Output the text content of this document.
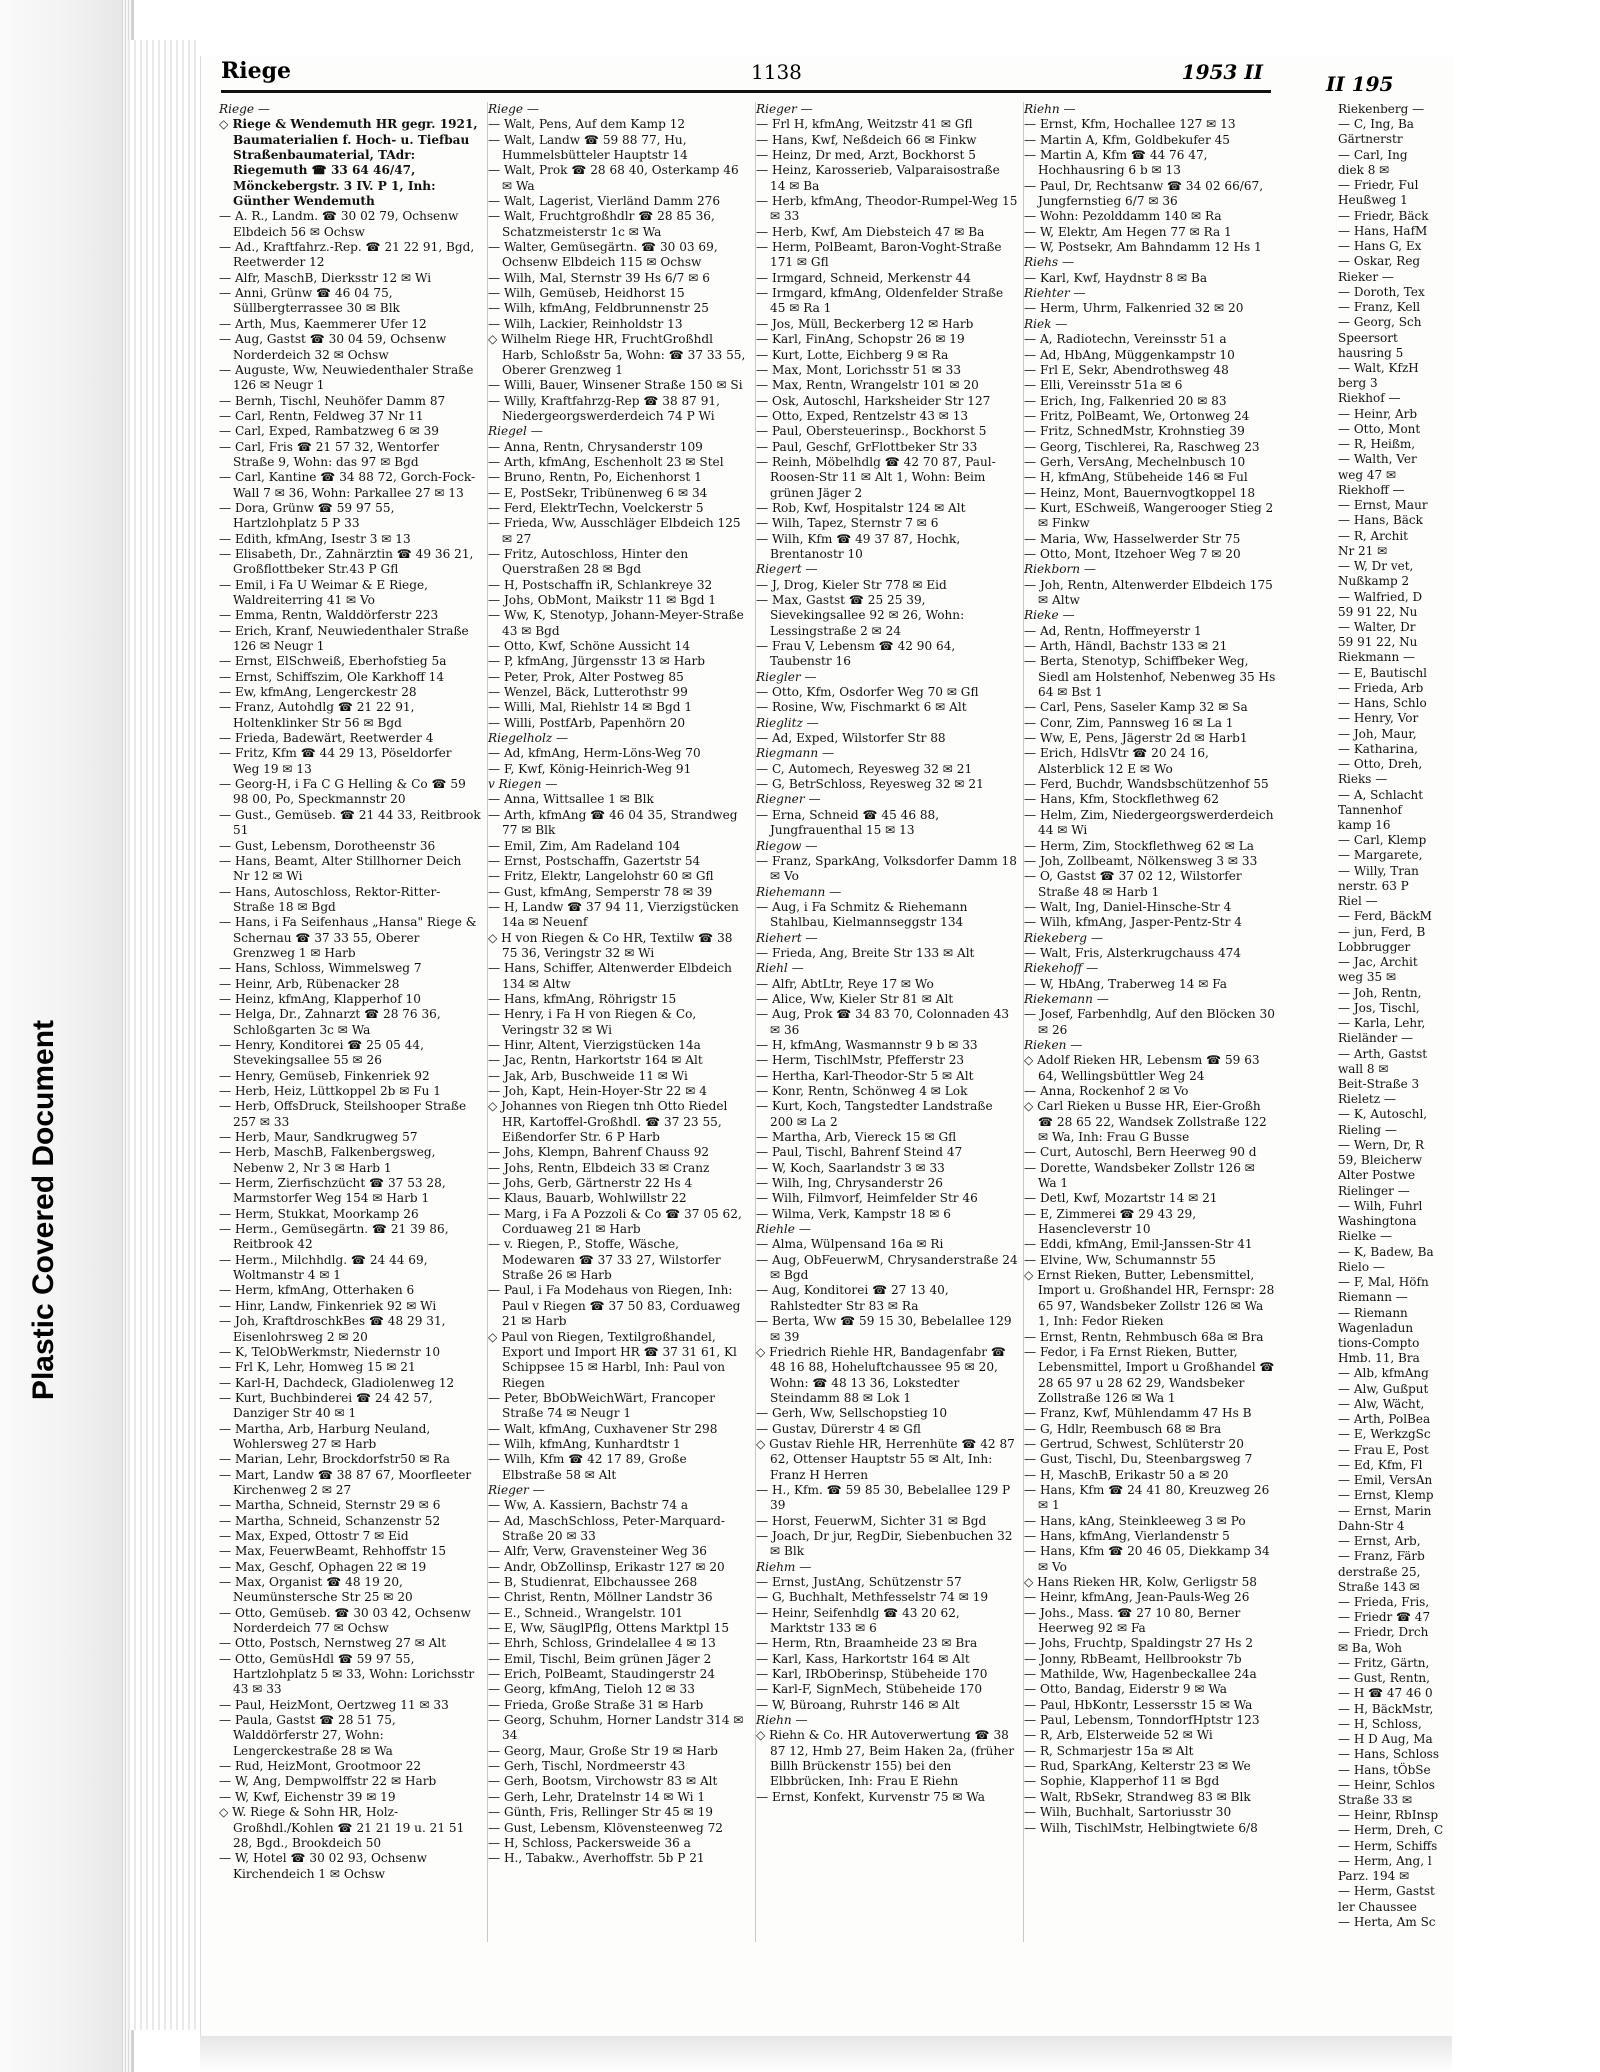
Plastic Covered Document
Riege	1138	1953 II
Riege —
◇ Riege & Wendemuth HR gegr. 1921, Baumaterialien f. Hoch- u. Tiefbau Straßenbaumaterial, TAdr: Riegemuth ☎ 33 64 46/47, Mönckebergstr. 3 IV. P 1, Inh: Günther Wendemuth
— A. R., Landm. ☎ 30 02 79, Ochsenw Elbdeich 56 ✉ Ochsw
— Ad., Kraftfahrz.-Rep. ☎ 21 22 91, Bgd, Reetwerder 12
— Alfr, MaschB, Dierksstr 12 ✉ Wi
— Anni, Grünw ☎ 46 04 75, Süllbergterrassee 30 ✉ Blk
— Arth, Mus, Kaemmerer Ufer 12
— Aug, Gastst ☎ 30 04 59, Ochsenw Norderdeich 32 ✉ Ochsw
— Auguste, Ww, Neuwiedenthaler Straße 126 ✉ Neugr 1
— Bernh, Tischl, Neuhöfer Damm 87
— Carl, Rentn, Feldweg 37 Nr 11
— Carl, Exped, Rambatzweg 6 ✉ 39
— Carl, Fris ☎ 21 57 32, Wentorfer Straße 9, Wohn: das 97 ✉ Bgd
— Carl, Kantine ☎ 34 88 72, Gorch-Fock-Wall 7 ✉ 36, Wohn: Parkallee 27 ✉ 13
— Dora, Grünw ☎ 59 97 55, Hartzlohplatz 5 P 33
— Edith, kfmAng, Isestr 3 ✉ 13
— Elisabeth, Dr., Zahnärztin ☎ 49 36 21, Großflottbeker Str.43 P Gfl
— Emil, i Fa U Weimar & E Riege, Waldreiterring 41 ✉ Vo
— Emma, Rentn, Walddörferstr 223
— Erich, Kranf, Neuwiedenthaler Straße 126 ✉ Neugr 1
— Ernst, ElSchweiß, Eberhofstieg 5a
— Ernst, Schiffszim, Ole Karkhoff 14
— Ew, kfmAng, Lengerckestr 28
— Franz, Autohdlg ☎ 21 22 91, Holtenklinker Str 56 ✉ Bgd
— Frieda, Badewärt, Reetwerder 4
— Fritz, Kfm ☎ 44 29 13, Pöseldorfer Weg 19 ✉ 13
— Georg-H, i Fa C G Helling & Co ☎ 59 98 00, Po, Speckmannstr 20
— Gust., Gemüseb. ☎ 21 44 33, Reitbrook 51
— Gust, Lebensm, Dorotheenstr 36
— Hans, Beamt, Alter Stillhorner Deich Nr 12 ✉ Wi
— Hans, Autoschloss, Rektor-Ritter-Straße 18 ✉ Bgd
— Hans, i Fa Seifenhaus „Hansa" Riege & Schernau ☎ 37 33 55, Oberer Grenzweg 1 ✉ Harb
— Hans, Schloss, Wimmelsweg 7
— Heinr, Arb, Rübenacker 28
— Heinz, kfmAng, Klapperhof 10
— Helga, Dr., Zahnarzt ☎ 28 76 36, Schloßgarten 3c ✉ Wa
— Henry, Konditorei ☎ 25 05 44, Stevekingsallee 55 ✉ 26
— Henry, Gemüseb, Finkenriek 92
— Herb, Heiz, Lüttkoppel 2b ✉ Fu 1
— Herb, OffsDruck, Steilshooper Straße 257 ✉ 33
— Herb, Maur, Sandkrugweg 57
— Herb, MaschB, Falkenbergsweg, Nebenw 2, Nr 3 ✉ Harb 1
— Herm, Zierfischzücht ☎ 37 53 28, Marmstorfer Weg 154 ✉ Harb 1
— Herm, Stukkat, Moorkamp 26
— Herm., Gemüsegärtn. ☎ 21 39 86, Reitbrook 42
— Herm., Milchhdlg. ☎ 24 44 69, Woltmanstr 4 ✉ 1
— Herm, kfmAng, Otterhaken 6
— Hinr, Landw, Finkenriek 92 ✉ Wi
— Joh, KraftdroschkBes ☎ 48 29 31, Eisenlohrsweg 2 ✉ 20
— K, TelObWerkmstr, Niedernstr 10
— Frl K, Lehr, Homweg 15 ✉ 21
— Karl-H, Dachdeck, Gladiolenweg 12
— Kurt, Buchbinderei ☎ 24 42 57, Danziger Str 40 ✉ 1
— Martha, Arb, Harburg Neuland, Wohlersweg 27 ✉ Harb
— Marian, Lehr, Brockdorfstr50 ✉ Ra
— Mart, Landw ☎ 38 87 67, Moorfleeter Kirchenweg 2 ✉ 27
— Martha, Schneid, Sternstr 29 ✉ 6
— Martha, Schneid, Schanzenstr 52
— Max, Exped, Ottostr 7 ✉ Eid
— Max, FeuerwBeamt, Rehhoffstr 15
— Max, Geschf, Ophagen 22 ✉ 19
— Max, Organist ☎ 48 19 20, Neumünstersche Str 25 ✉ 20
— Otto, Gemüseb. ☎ 30 03 42, Ochsenw Norderdeich 77 ✉ Ochsw
— Otto, Postsch, Nernstweg 27 ✉ Alt
— Otto, GemüsHdl ☎ 59 97 55, Hartzlohplatz 5 ✉ 33, Wohn: Lorichsstr 43 ✉ 33
— Paul, HeizMont, Oertzweg 11 ✉ 33
— Paula, Gastst ☎ 28 51 75, Walddörferstr 27, Wohn: Lengerckestraße 28 ✉ Wa
— Rud, HeizMont, Grootmoor 22
— W, Ang, Dempwolffstr 22 ✉ Harb
— W, Kwf, Eichenstr 39 ✉ 19
◇ W. Riege & Sohn HR, Holz-Großhdl./Kohlen ☎ 21 21 19 u. 21 51 28, Bgd., Brookdeich 50
— W, Hotel ☎ 30 02 93, Ochsenw Kirchendeich 1 ✉ Ochsw
Riege —
— Walt, Pens, Auf dem Kamp 12
— Walt, Landw ☎ 59 88 77, Hu, Hummelsbütteler Hauptstr 14
— Walt, Prok ☎ 28 68 40, Osterkamp 46 ✉ Wa
— Walt, Lagerist, Vierländ Damm 276
— Walt, Fruchtgroßhdlr ☎ 28 85 36, Schatzmeisterstr 1c ✉ Wa
— Walter, Gemüsegärtn. ☎ 30 03 69, Ochsenw Elbdeich 115 ✉ Ochsw
— Wilh, Mal, Sternstr 39 Hs 6/7 ✉ 6
— Wilh, Gemüseb, Heidhorst 15
— Wilh, kfmAng, Feldbrunnenstr 25
— Wilh, Lackier, Reinholdstr 13
◇ Wilhelm Riege HR, FruchtGroßhdl Harb, Schloßstr 5a, Wohn: ☎ 37 33 55, Oberer Grenzweg 1
— Willi, Bauer, Winsener Straße 150 ✉ Si
— Willy, Kraftfahrzg-Rep ☎ 38 87 91, Niedergeorgswerderdeich 74 P Wi
Riegel —
— Anna, Rentn, Chrysanderstr 109
— Arth, kfmAng, Eschenholt 23 ✉ Stel
— Bruno, Rentn, Po, Eichenhorst 1
— E, PostSekr, Tribünenweg 6 ✉ 34
— Ferd, ElektrTechn, Voelckerstr 5
— Frieda, Ww, Ausschläger Elbdeich 125 ✉ 27
— Fritz, Autoschloss, Hinter den Querstraßen 28 ✉ Bgd
— H, Postschaffn iR, Schlankreye 32
— Johs, ObMont, Maikstr 11 ✉ Bgd 1
— Ww, K, Stenotyp, Johann-Meyer-Straße 43 ✉ Bgd
— Otto, Kwf, Schöne Aussicht 14
— P, kfmAng, Jürgensstr 13 ✉ Harb
— Peter, Prok, Alter Postweg 85
— Wenzel, Bäck, Lutterothstr 99
— Willi, Mal, Riehlstr 14 ✉ Bgd 1
— Willi, PostfArb, Papenhörn 20
Riegelholz —
— Ad, kfmAng, Herm-Löns-Weg 70
— F, Kwf, König-Heinrich-Weg 91
v Riegen —
— Anna, Wittsallee 1 ✉ Blk
— Arth, kfmAng ☎ 46 04 35, Strandweg 77 ✉ Blk
— Emil, Zim, Am Radeland 104
— Ernst, Postschaffn, Gazertstr 54
— Fritz, Elektr, Langelohstr 60 ✉ Gfl
— Gust, kfmAng, Semperstr 78 ✉ 39
— H, Landw ☎ 37 94 11, Vierzigstücken 14a ✉ Neuenf
◇ H von Riegen & Co HR, Textilw ☎ 38 75 36, Veringstr 32 ✉ Wi
— Hans, Schiffer, Altenwerder Elbdeich 134 ✉ Altw
— Hans, kfmAng, Röhrigstr 15
— Henry, i Fa H von Riegen & Co, Veringstr 32 ✉ Wi
— Hinr, Altent, Vierzigstücken 14a
— Jac, Rentn, Harkortstr 164 ✉ Alt
— Jak, Arb, Buschweide 11 ✉ Wi
— Joh, Kapt, Hein-Hoyer-Str 22 ✉ 4
◇ Johannes von Riegen tnh Otto Riedel HR, Kartoffel-Großhdl. ☎ 37 23 55, Eißendorfer Str. 6 P Harb
— Johs, Klempn, Bahrenf Chauss 92
— Johs, Rentn, Elbdeich 33 ✉ Cranz
— Johs, Gerb, Gärtnerstr 22 Hs 4
— Klaus, Bauarb, Wohlwillstr 22
— Marg, i Fa A Pozzoli & Co ☎ 37 05 62, Corduaweg 21 ✉ Harb
— v. Riegen, P., Stoffe, Wäsche, Modewaren ☎ 37 33 27, Wilstorfer Straße 26 ✉ Harb
— Paul, i Fa Modehaus von Riegen, Inh: Paul v Riegen ☎ 37 50 83, Corduaweg 21 ✉ Harb
◇ Paul von Riegen, Textilgroßhandel, Export und Import HR ☎ 37 31 61, Kl Schippsee 15 ✉ Harbl, Inh: Paul von Riegen
— Peter, BbObWeichWärt, Francoper Straße 74 ✉ Neugr 1
— Walt, kfmAng, Cuxhavener Str 298
— Wilh, kfmAng, Kunhardtstr 1
— Wilh, Kfm ☎ 42 17 89, Große Elbstraße 58 ✉ Alt
Rieger —
— Ww, A. Kassiern, Bachstr 74 a
— Ad, MaschSchloss, Peter-Marquard-Straße 20 ✉ 33
— Alfr, Verw, Gravensteiner Weg 36
— Andr, ObZollinsp, Erikastr 127 ✉ 20
— B, Studienrat, Elbchaussee 268
— Christ, Rentn, Möllner Landstr 36
— E., Schneid., Wrangelstr. 101
— E, Ww, SäuglPflg, Ottens Marktpl 15
— Ehrh, Schloss, Grindelallee 4 ✉ 13
— Emil, Tischl, Beim grünen Jäger 2
— Erich, PolBeamt, Staudingerstr 24
— Georg, kfmAng, Tieloh 12 ✉ 33
— Frieda, Große Straße 31 ✉ Harb
— Georg, Schuhm, Horner Landstr 314 ✉ 34
— Georg, Maur, Große Str 19 ✉ Harb
— Gerh, Tischl, Nordmeerstr 43
— Gerh, Bootsm, Virchowstr 83 ✉ Alt
— Gerh, Lehr, Dratelnstr 14 ✉ Wi 1
— Günth, Fris, Rellinger Str 45 ✉ 19
— Gust, Lebensm, Klövensteenweg 72
— H, Schloss, Packersweide 36 a
— H., Tabakw., Averhoffstr. 5b P 21
Rieger —
— Frl H, kfmAng, Weitzstr 41 ✉ Gfl
— Hans, Kwf, Neßdeich 66 ✉ Finkw
— Heinz, Dr med, Arzt, Bockhorst 5
— Heinz, Karosserieb, Valparaisostraße 14 ✉ Ba
— Herb, kfmAng, Theodor-Rumpel-Weg 15 ✉ 33
— Herb, Kwf, Am Diebsteich 47 ✉ Ba
— Herm, PolBeamt, Baron-Voght-Straße 171 ✉ Gfl
— Irmgard, Schneid, Merkenstr 44
— Irmgard, kfmAng, Oldenfelder Straße 45 ✉ Ra 1
— Jos, Müll, Beckerberg 12 ✉ Harb
— Karl, FinAng, Schopstr 26 ✉ 19
— Kurt, Lotte, Eichberg 9 ✉ Ra
— Max, Mont, Lorichsstr 51 ✉ 33
— Max, Rentn, Wrangelstr 101 ✉ 20
— Osk, Autoschl, Harksheider Str 127
— Otto, Exped, Rentzelstr 43 ✉ 13
— Paul, Obersteuerinsp., Bockhorst 5
— Paul, Geschf, GrFlottbeker Str 33
— Reinh, Möbelhdlg ☎ 42 70 87, Paul-Roosen-Str 11 ✉ Alt 1, Wohn: Beim grünen Jäger 2
— Rob, Kwf, Hospitalstr 124 ✉ Alt
— Wilh, Tapez, Sternstr 7 ✉ 6
— Wilh, Kfm ☎ 49 37 87, Hochk, Brentanostr 10
Riegert —
— J, Drog, Kieler Str 778 ✉ Eid
— Max, Gastst ☎ 25 25 39, Sievekingsallee 92 ✉ 26, Wohn: Lessingstraße 2 ✉ 24
— Frau V, Lebensm ☎ 42 90 64, Taubenstr 16
Riegler —
— Otto, Kfm, Osdorfer Weg 70 ✉ Gfl
— Rosine, Ww, Fischmarkt 6 ✉ Alt
Rieglitz —
— Ad, Exped, Wilstorfer Str 88
Riegmann —
— C, Automech, Reyesweg 32 ✉ 21
— G, BetrSchloss, Reyesweg 32 ✉ 21
Riegner —
— Erna, Schneid ☎ 45 46 88, Jungfrauenthal 15 ✉ 13
Riegow —
— Franz, SparkAng, Volksdorfer Damm 18 ✉ Vo
Riehemann —
— Aug, i Fa Schmitz & Riehemann Stahlbau, Kielmannseggstr 134
Riehert —
— Frieda, Ang, Breite Str 133 ✉ Alt
Riehl —
— Alfr, AbtLtr, Reye 17 ✉ Wo
— Alice, Ww, Kieler Str 81 ✉ Alt
— Aug, Prok ☎ 34 83 70, Colonnaden 43 ✉ 36
— H, kfmAng, Wasmannstr 9 b ✉ 33
— Herm, TischlMstr, Pfefferstr 23
— Hertha, Karl-Theodor-Str 5 ✉ Alt
— Konr, Rentn, Schönweg 4 ✉ Lok
— Kurt, Koch, Tangstedter Landstraße 200 ✉ La 2
— Martha, Arb, Viereck 15 ✉ Gfl
— Paul, Tischl, Bahrenf Steind 47
— W, Koch, Saarlandstr 3 ✉ 33
— Wilh, Ing, Chrysanderstr 26
— Wilh, Filmvorf, Heimfelder Str 46
— Wilma, Verk, Kampstr 18 ✉ 6
Riehle —
— Alma, Wülpensand 16a ✉ Ri
— Aug, ObFeuerwM, Chrysanderstraße 24 ✉ Bgd
— Aug, Konditorei ☎ 27 13 40, Rahlstedter Str 83 ✉ Ra
— Berta, Ww ☎ 59 15 30, Bebelallee 129 ✉ 39
◇ Friedrich Riehle HR, Bandagenfabr ☎ 48 16 88, Hoheluftchaussee 95 ✉ 20, Wohn: ☎ 48 13 36, Lokstedter Steindamm 88 ✉ Lok 1
— Gerh, Ww, Sellschopstieg 10
— Gustav, Dürerstr 4 ✉ Gfl
◇ Gustav Riehle HR, Herrenhüte ☎ 42 87 62, Ottenser Hauptstr 55 ✉ Alt, Inh: Franz H Herren
— H., Kfm. ☎ 59 85 30, Bebelallee 129 P 39
— Horst, FeuerwM, Sichter 31 ✉ Bgd
— Joach, Dr jur, RegDir, Siebenbuchen 32 ✉ Blk
Riehm —
— Ernst, JustAng, Schützenstr 57
— G, Buchhalt, Methfesselstr 74 ✉ 19
— Heinr, Seifenhdlg ☎ 43 20 62, Marktstr 133 ✉ 6
— Herm, Rtn, Braamheide 23 ✉ Bra
— Karl, Kass, Harkortstr 164 ✉ Alt
— Karl, IRbOberinsp, Stübeheide 170
— Karl-F, SignMech, Stübeheide 170
— W, Büroang, Ruhrstr 146 ✉ Alt
Riehn —
◇ Riehn & Co. HR Autoverwertung ☎ 38 87 12, Hmb 27, Beim Haken 2a, (früher Billh Brückenstr 155) bei den Elbbrücken, Inh: Frau E Riehn
— Ernst, Konfekt, Kurvenstr 75 ✉ Wa
Riehn —
— Ernst, Kfm, Hochallee 127 ✉ 13
— Martin A, Kfm, Goldbekufer 45
— Martin A, Kfm ☎ 44 76 47, Hochhausring 6 b ✉ 13
— Paul, Dr, Rechtsanw ☎ 34 02 66/67, Jungfernstieg 6/7 ✉ 36
— Wohn: Pezolddamm 140 ✉ Ra
— W, Elektr, Am Hegen 77 ✉ Ra 1
— W, Postsekr, Am Bahndamm 12 Hs 1
Riehs —
— Karl, Kwf, Haydnstr 8 ✉ Ba
Riehter —
— Herm, Uhrm, Falkenried 32 ✉ 20
Riek —
— A, Radiotechn, Vereinsstr 51 a
— Ad, HbAng, Müggenkampstr 10
— Frl E, Sekr, Abendrothsweg 48
— Elli, Vereinsstr 51a ✉ 6
— Erich, Ing, Falkenried 20 ✉ 83
— Fritz, PolBeamt, We, Ortonweg 24
— Fritz, SchnedMstr, Krohnstieg 39
— Georg, Tischlerei, Ra, Raschweg 23
— Gerh, VersAng, Mechelnbusch 10
— H, kfmAng, Stübeheide 146 ✉ Ful
— Heinz, Mont, Bauernvogtkoppel 18
— Kurt, ESchweiß, Wangerooger Stieg 2 ✉ Finkw
— Maria, Ww, Hasselwerder Str 75
— Otto, Mont, Itzehoer Weg 7 ✉ 20
Riekborn —
— Joh, Rentn, Altenwerder Elbdeich 175 ✉ Altw
Rieke —
— Ad, Rentn, Hoffmeyerstr 1
— Arth, Händl, Bachstr 133 ✉ 21
— Berta, Stenotyp, Schiffbeker Weg, Siedl am Holstenhof, Nebenweg 35 Hs 64 ✉ Bst 1
— Carl, Pens, Saseler Kamp 32 ✉ Sa
— Conr, Zim, Pannsweg 16 ✉ La 1
— Ww, E, Pens, Jägerstr 2d ✉ Harb1
— Erich, HdlsVtr ☎ 20 24 16, Alsterblick 12 E ✉ Wo
— Ferd, Buchdr, Wandsbschützenhof 55
— Hans, Kfm, Stockflethweg 62
— Helm, Zim, Niedergeorgswerderdeich 44 ✉ Wi
— Herm, Zim, Stockflethweg 62 ✉ La
— Joh, Zollbeamt, Nölkensweg 3 ✉ 33
— O, Gastst ☎ 37 02 12, Wilstorfer Straße 48 ✉ Harb 1
— Walt, Ing, Daniel-Hinsche-Str 4
— Wilh, kfmAng, Jasper-Pentz-Str 4
Riekeberg —
— Walt, Fris, Alsterkrugchauss 474
Riekehoff —
— W, HbAng, Traberweg 14 ✉ Fa
Riekemann —
— Josef, Farbenhdlg, Auf den Blöcken 30 ✉ 26
Rieken —
◇ Adolf Rieken HR, Lebensm ☎ 59 63 64, Wellingsbüttler Weg 24
— Anna, Rockenhof 2 ✉ Vo
◇ Carl Rieken u Busse HR, Eier-Großh ☎ 28 65 22, Wandsek Zollstraße 122 ✉ Wa, Inh: Frau G Busse
— Curt, Autoschl, Bern Heerweg 90 d
— Dorette, Wandsbeker Zollstr 126 ✉ Wa 1
— Detl, Kwf, Mozartstr 14 ✉ 21
— E, Zimmerei ☎ 29 43 29, Hasencleverstr 10
— Eddi, kfmAng, Emil-Janssen-Str 41
— Elvine, Ww, Schumannstr 55
◇ Ernst Rieken, Butter, Lebensmittel, Import u. Großhandel HR, Fernspr: 28 65 97, Wandsbeker Zollstr 126 ✉ Wa 1, Inh: Fedor Rieken
— Ernst, Rentn, Rehmbusch 68a ✉ Bra
— Fedor, i Fa Ernst Rieken, Butter, Lebensmittel, Import u Großhandel ☎ 28 65 97 u 28 62 29, Wandsbeker Zollstraße 126 ✉ Wa 1
— Franz, Kwf, Mühlendamm 47 Hs B
— G, Hdlr, Reembusch 68 ✉ Bra
— Gertrud, Schwest, Schlüterstr 20
— Gust, Tischl, Du, Steenbargsweg 7
— H, MaschB, Erikastr 50 a ✉ 20
— Hans, Kfm ☎ 24 41 80, Kreuzweg 26 ✉ 1
— Hans, kAng, Steinkleeweg 3 ✉ Po
— Hans, kfmAng, Vierlandenstr 5
— Hans, Kfm ☎ 20 46 05, Diekkamp 34 ✉ Vo
◇ Hans Rieken HR, Kolw, Gerligstr 58
— Heinr, kfmAng, Jean-Pauls-Weg 26
— Johs., Mass. ☎ 27 10 80, Berner Heerweg 92 ✉ Fa
— Johs, Fruchtp, Spaldingstr 27 Hs 2
— Jonny, RbBeamt, Hellbrookstr 7b
— Mathilde, Ww, Hagenbeckallee 24a
— Otto, Bandag, Eiderstr 9 ✉ Wa
— Paul, HbKontr, Lessersstr 15 ✉ Wa
— Paul, Lebensm, TonndorfHptstr 123
— R, Arb, Elsterweide 52 ✉ Wi
— R, Schmarjestr 15a ✉ Alt
— Rud, SparkAng, Kelterstr 23 ✉ We
— Sophie, Klapperhof 11 ✉ Bgd
— Walt, RbSekr, Strandweg 83 ✉ Blk
— Wilh, Buchhalt, Sartoriusstr 30
— Wilh, TischlMstr, Helbingtwiete 6/8
II 195
Riekenberg —
— C, Ing, Ba
Gärtnerstr
— Carl, Ing
diek 8 ✉
— Friedr, Ful
Heußweg 1
— Friedr, Bäck
— Hans, HafM
— Hans G, Ex
— Oskar, Reg
Rieker —
— Doroth, Tex
— Franz, Kell
— Georg, Sch
Speersort
hausring 5
— Walt, KfzH
berg 3
Riekhof —
— Heinr, Arb
— Otto, Mont
— R, Heißm,
— Walth, Ver
weg 47 ✉
Riekhoff —
— Ernst, Maur
— Hans, Bäck
— R, Archit
Nr 21 ✉
— W, Dr vet,
Nußkamp 2
— Walfried, D
59 91 22, Nu
— Walter, Dr
59 91 22, Nu
Riekmann —
— E, Bautischl
— Frieda, Arb
— Hans, Schlo
— Henry, Vor
— Joh, Maur,
— Katharina,
— Otto, Dreh,
Rieks —
— A, Schlacht
Tannenhof
kamp 16
— Carl, Klemp
— Margarete,
— Willy, Tran
nerstr. 63 P
Riel —
— Ferd, BäckM
— jun, Ferd, B
Lobbrugger
— Jac, Archit
weg 35 ✉
— Joh, Rentn,
— Jos, Tischl,
— Karla, Lehr,
Rieländer —
— Arth, Gastst
wall 8 ✉
Beit-Straße 3
Rieletz —
— K, Autoschl,
Rieling —
— Wern, Dr, R
59, Bleicherw
Alter Postwe
Rielinger —
— Wilh, Fuhrl
Washingtona
Rielke —
— K, Badew, Ba
Rielo —
— F, Mal, Höfn
Riemann —
— Riemann
Wagenladun
tions-Compto
Hmb. 11, Bra
— Alb, kfmAng
— Alw, Gußput
— Alw, Wächt,
— Arth, PolBea
— E, WerkzgSc
— Frau E, Post
— Ed, Kfm, Fl
— Emil, VersAn
— Ernst, Klemp
— Ernst, Marin
Dahn-Str 4
— Ernst, Arb,
— Franz, Färb
derstraße 25,
Straße 143 ✉
— Frieda, Fris,
— Friedr ☎ 47
— Friedr, Drch
✉ Ba, Woh
— Fritz, Gärtn,
— Gust, Rentn,
— H ☎ 47 46 0
— H, BäckMstr,
— H, Schloss,
— H D Aug, Ma
— Hans, Schloss
— Hans, tÖbSe
— Heinr, Schlos
Straße 33 ✉
— Heinr, RbInsp
— Herm, Dreh, C
— Herm, Schiffs
— Herm, Ang, l
Parz. 194 ✉
— Herm, Gastst
ler Chaussee
— Herta, Am Sc
